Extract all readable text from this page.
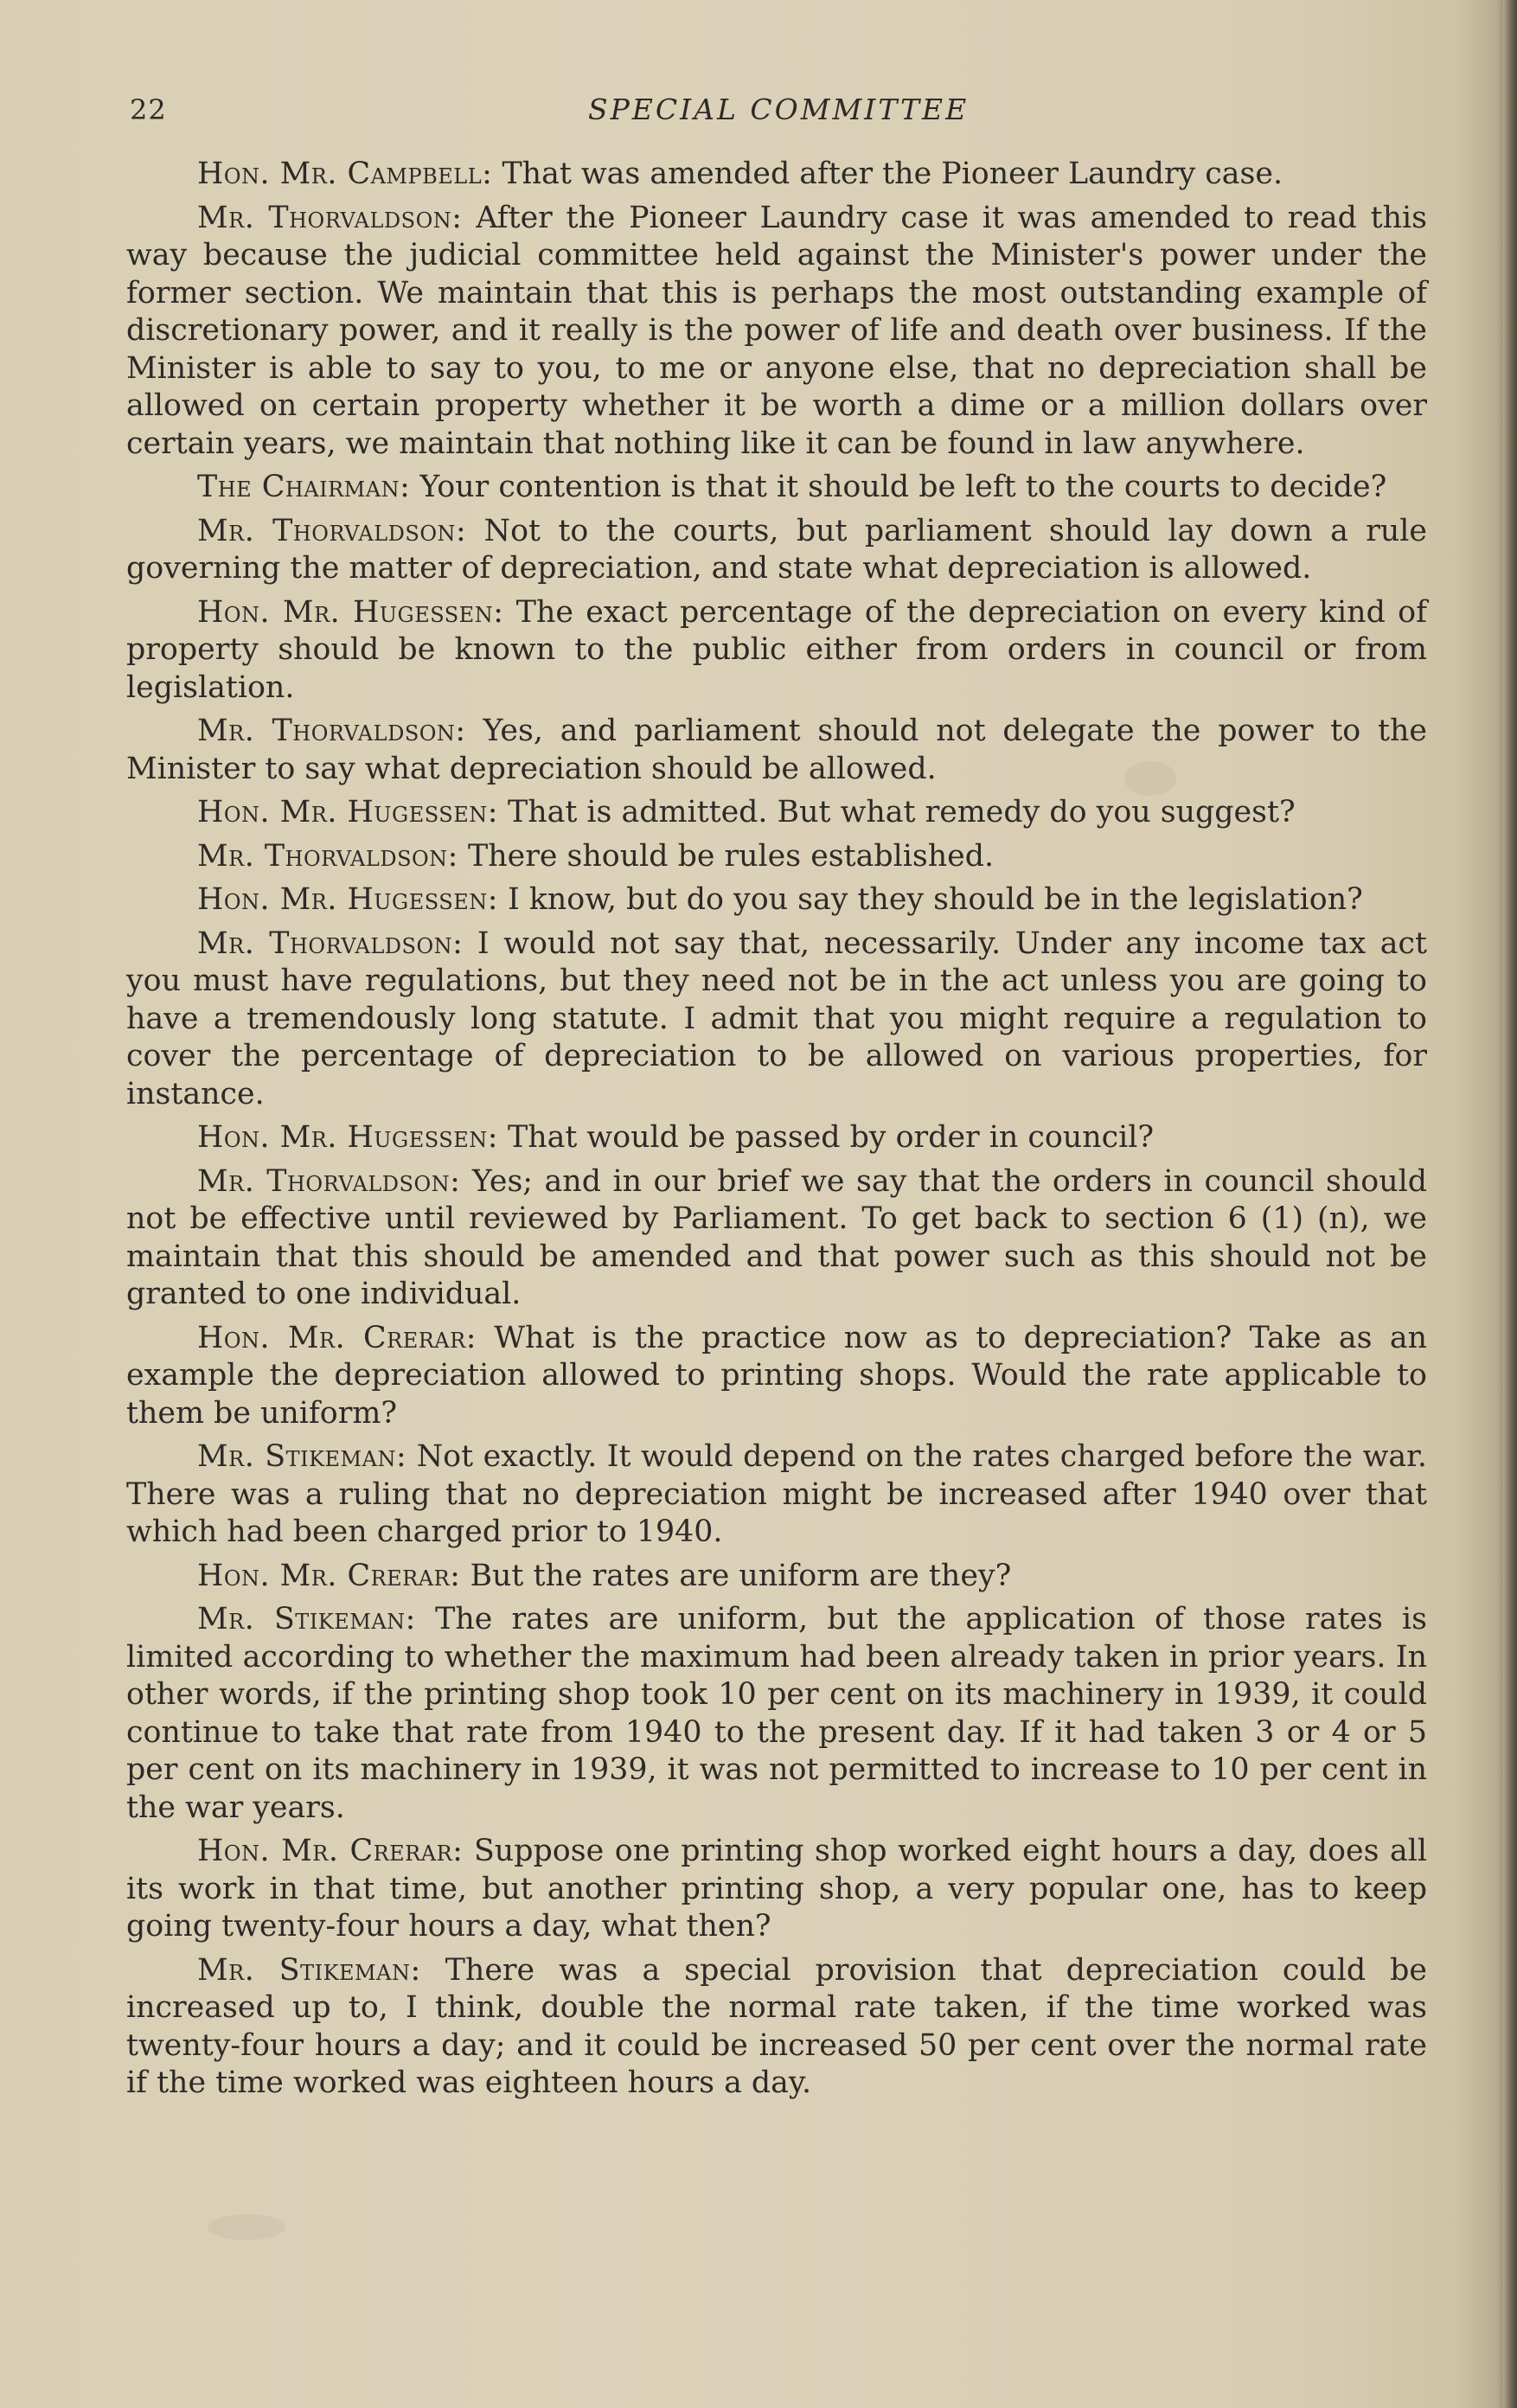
22	SPECIAL COMMITTEE

Hon. Mr. Campbell: That was amended after the Pioneer Laundry case.

Mr. Thorvaldson: After the Pioneer Laundry case it was amended to read this way because the judicial committee held against the Minister's power under the former section. We maintain that this is perhaps the most outstanding example of discretionary power, and it really is the power of life and death over business. If the Minister is able to say to you, to me or anyone else, that no depreciation shall be allowed on certain property whether it be worth a dime or a million dollars over certain years, we maintain that nothing like it can be found in law anywhere.

The Chairman: Your contention is that it should be left to the courts to decide?

Mr. Thorvaldson: Not to the courts, but parliament should lay down a rule governing the matter of depreciation, and state what depreciation is allowed.

Hon. Mr. Hugessen: The exact percentage of the depreciation on every kind of property should be known to the public either from orders in council or from legislation.

Mr. Thorvaldson: Yes, and parliament should not delegate the power to the Minister to say what depreciation should be allowed.

Hon. Mr. Hugessen: That is admitted. But what remedy do you suggest?

Mr. Thorvaldson: There should be rules established.

Hon. Mr. Hugessen: I know, but do you say they should be in the legislation?

Mr. Thorvaldson: I would not say that, necessarily. Under any income tax act you must have regulations, but they need not be in the act unless you are going to have a tremendously long statute. I admit that you might require a regulation to cover the percentage of depreciation to be allowed on various properties, for instance.

Hon. Mr. Hugessen: That would be passed by order in council?

Mr. Thorvaldson: Yes; and in our brief we say that the orders in council should not be effective until reviewed by Parliament. To get back to section 6 (1) (n), we maintain that this should be amended and that power such as this should not be granted to one individual.

Hon. Mr. Crerar: What is the practice now as to depreciation? Take as an example the depreciation allowed to printing shops. Would the rate applicable to them be uniform?

Mr. Stikeman: Not exactly. It would depend on the rates charged before the war. There was a ruling that no depreciation might be increased after 1940 over that which had been charged prior to 1940.

Hon. Mr. Crerar: But the rates are uniform are they?

Mr. Stikeman: The rates are uniform, but the application of those rates is limited according to whether the maximum had been already taken in prior years. In other words, if the printing shop took 10 per cent on its machinery in 1939, it could continue to take that rate from 1940 to the present day. If it had taken 3 or 4 or 5 per cent on its machinery in 1939, it was not permitted to increase to 10 per cent in the war years.

Hon. Mr. Crerar: Suppose one printing shop worked eight hours a day, does all its work in that time, but another printing shop, a very popular one, has to keep going twenty-four hours a day, what then?

Mr. Stikeman: There was a special provision that depreciation could be increased up to, I think, double the normal rate taken, if the time worked was twenty-four hours a day; and it could be increased 50 per cent over the normal rate if the time worked was eighteen hours a day.
